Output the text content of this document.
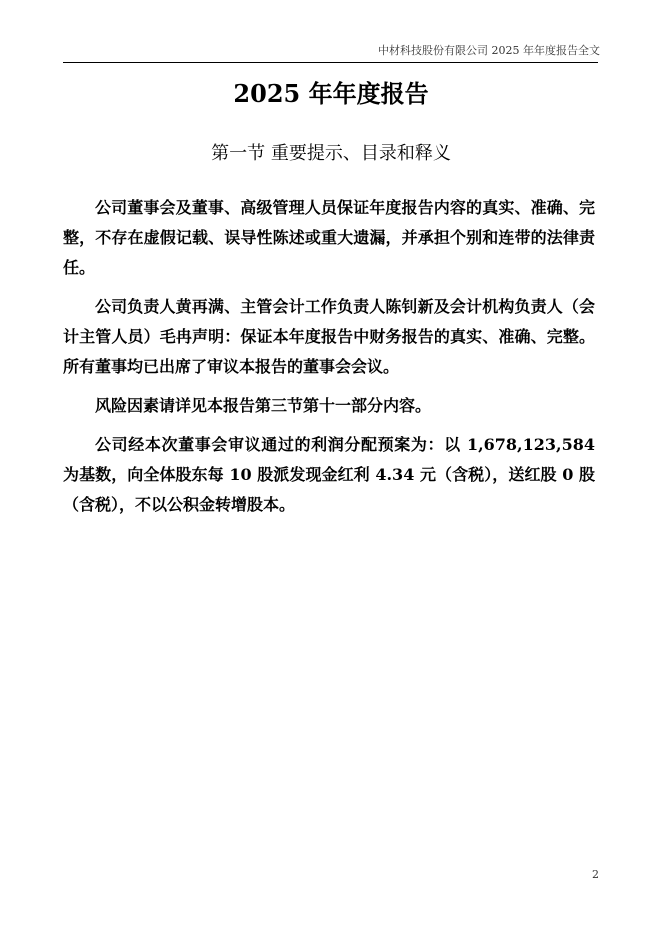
中材科技股份有限公司 2025 年年度报告全文
2025 年年度报告
第一节 重要提示、目录和释义

公司董事会及董事、高级管理人员保证年度报告内容的真实、准确、完整，不存在虚假记载、误导性陈述或重大遗漏，并承担个别和连带的法律责任。

公司负责人黄再满、主管会计工作负责人陈钊新及会计机构负责人（会计主管人员）毛冉声明：保证本年度报告中财务报告的真实、准确、完整。所有董事均已出席了审议本报告的董事会会议。

风险因素请详见本报告第三节第十一部分内容。

公司经本次董事会审议通过的利润分配预案为：以 1,678,123,584 为基数，向全体股东每 10 股派发现金红利 4.34 元（含税），送红股 0 股（含税），不以公积金转增股本。

2
